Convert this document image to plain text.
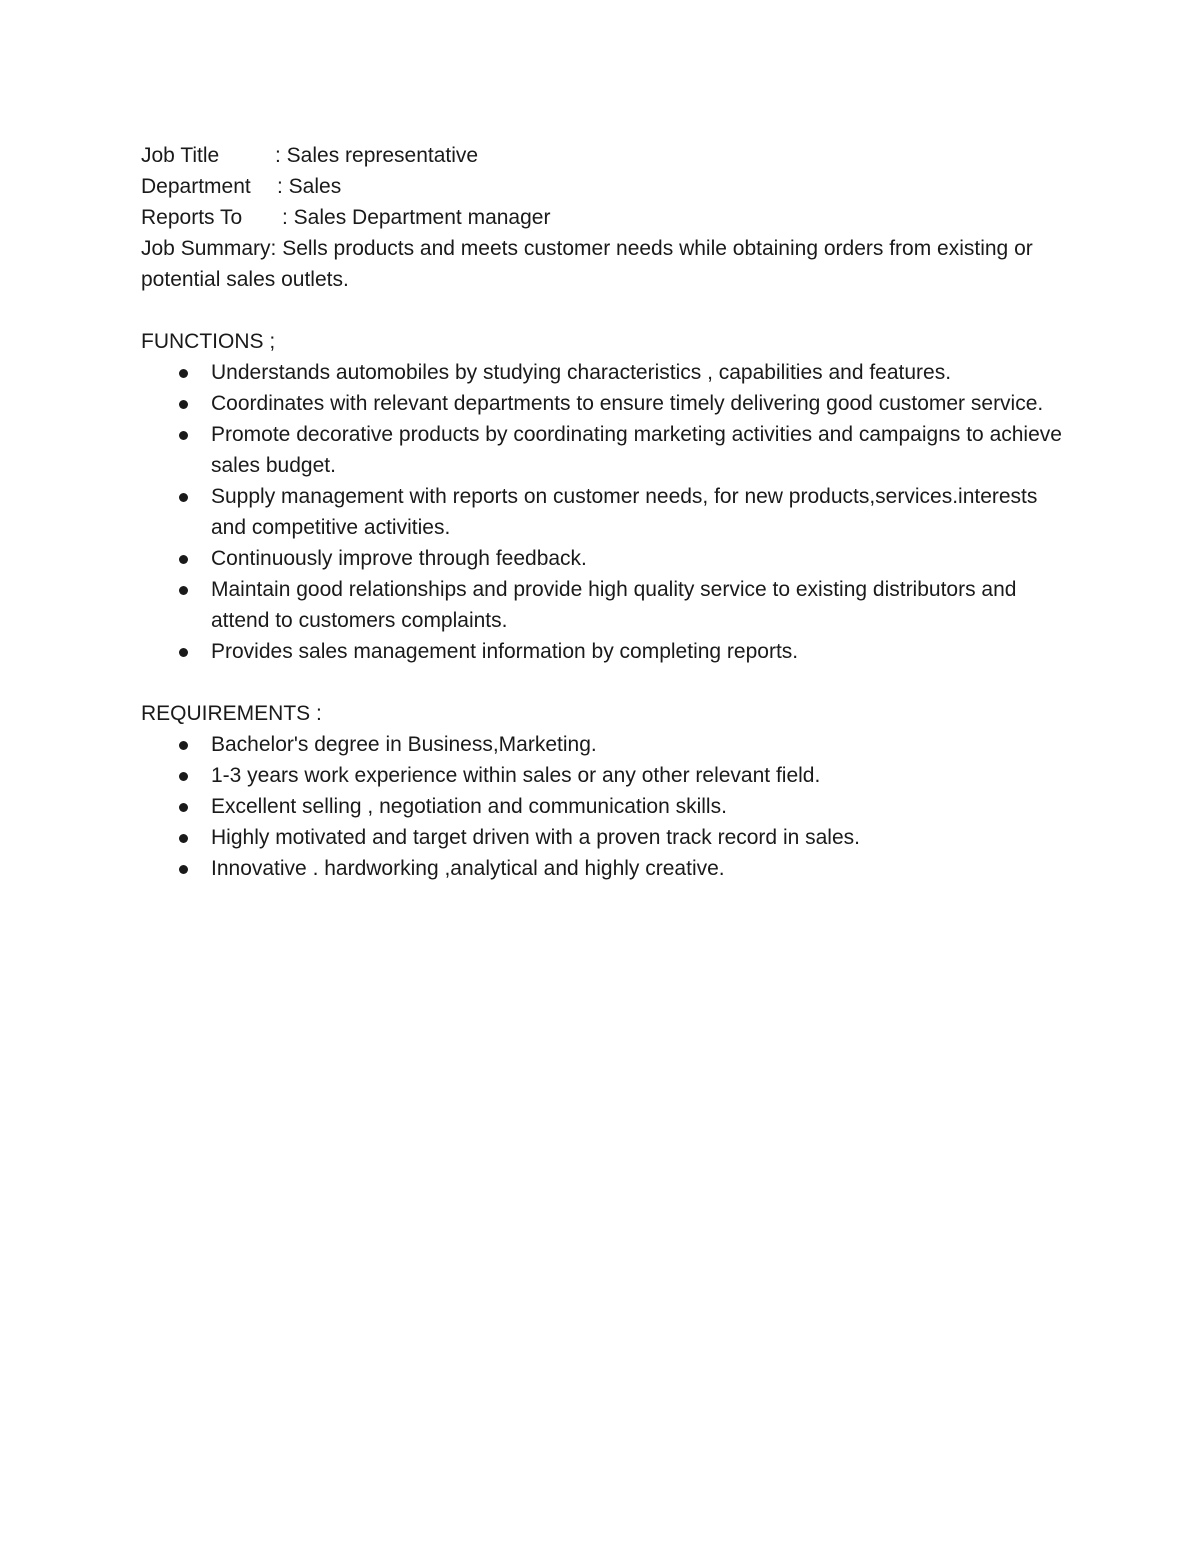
Job Title	: Sales representative
Department : Sales
Reports To : Sales Department manager

Job Summary: Sells products and meets customer needs while obtaining orders from existing or potential sales outlets.

FUNCTIONS ;
Understands automobiles by studying characteristics , capabilities and features.
Coordinates with relevant departments to ensure timely delivering good customer service.
Promote decorative products by coordinating marketing activities and campaigns to achieve sales budget.
Supply management with reports on customer needs, for new products,services.interests and competitive activities.
Continuously improve through feedback.
Maintain good relationships and provide high quality service to existing distributors and attend to customers complaints.
Provides sales management information by completing reports.
REQUIREMENTS :
Bachelor's degree in Business,Marketing.
1-3 years work experience within sales or any other relevant field.
Excellent selling , negotiation and communication skills.
Highly motivated and target driven with a proven track record in sales.
Innovative . hardworking ,analytical and highly creative.
